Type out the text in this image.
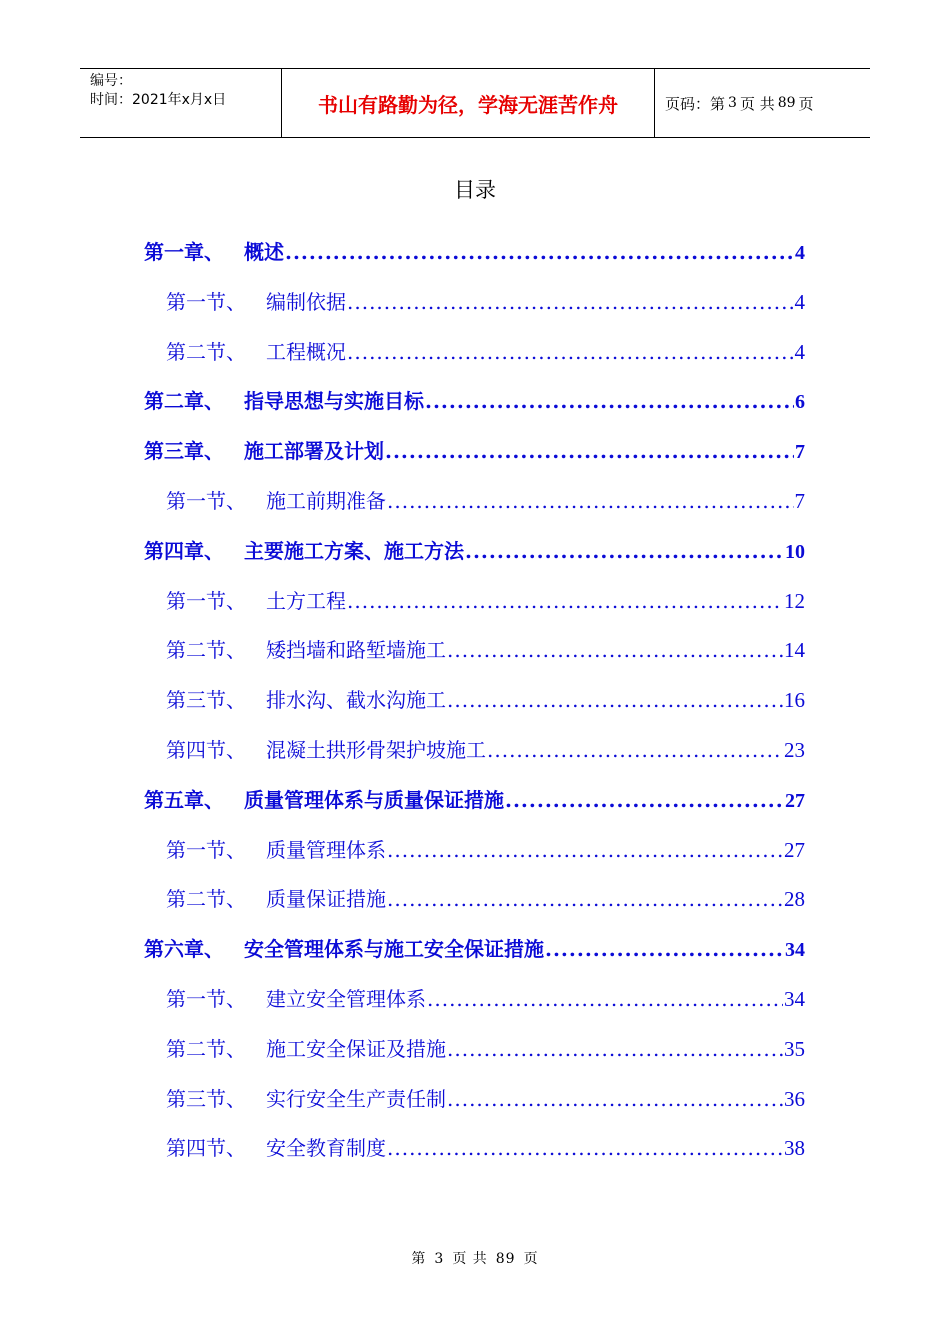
编号：
时间：2021年x月x日	书山有路勤为径，学海无涯苦作舟	页码：第 3 页 共 89 页
目录
第一章、 概述 .....	4
第一节、 编制依据 .....	4
第二节、 工程概况 .....	4
第二章、 指导思想与实施目标 .....	6
第三章、 施工部署及计划 .....	7
第一节、 施工前期准备 .....	7
第四章、 主要施工方案、施工方法 .....	10
第一节、 土方工程 .....	12
第二节、 矮挡墙和路堑墙施工 .....	14
第三节、 排水沟、截水沟施工 .....	16
第四节、 混凝土拱形骨架护坡施工 .....	23
第五章、 质量管理体系与质量保证措施 .....	27
第一节、 质量管理体系 .....	27
第二节、 质量保证措施 .....	28
第六章、 安全管理体系与施工安全保证措施 .....	34
第一节、 建立安全管理体系 .....	34
第二节、 施工安全保证及措施 .....	35
第三节、 实行安全生产责任制 .....	36
第四节、 安全教育制度 .....	38
第 3 页 共 89 页
